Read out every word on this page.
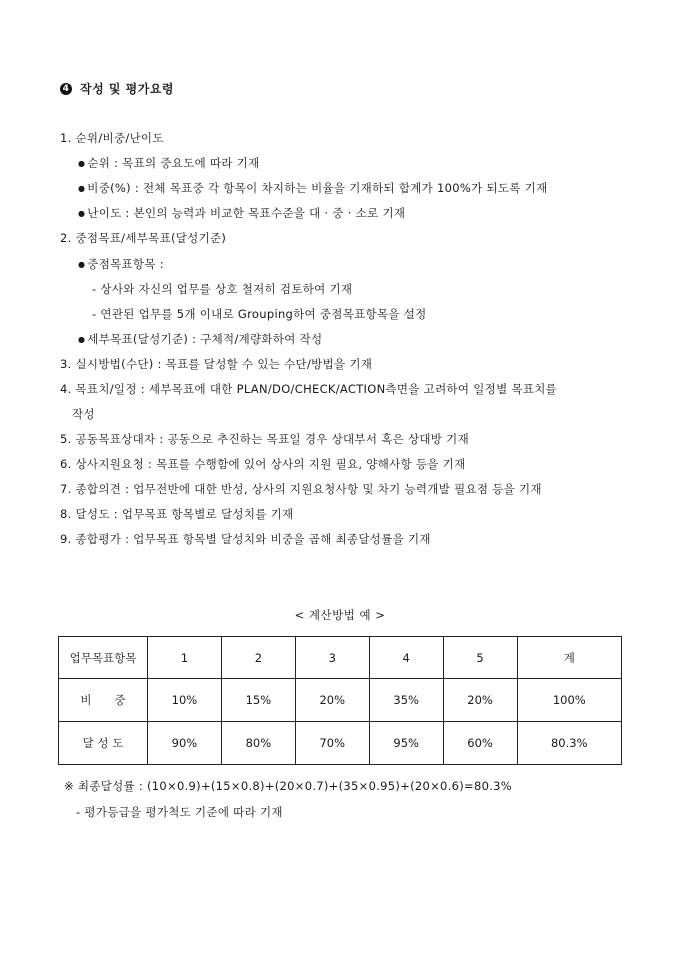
4 작성 및 평가요령
1. 순위/비중/난이도
● 순위 : 목표의 중요도에 따라 기재
● 비중(%) : 전체 목표중 각 항목이 차지하는 비율을 기재하되 합계가 100%가 되도록 기재
● 난이도 : 본인의 능력과 비교한 목표수준을 대 · 중 · 소로 기재
2. 중점목표/세부목표(달성기준)
● 중점목표항목 :
- 상사와 자신의 업무를 상호 철저히 검토하여 기재
- 연관된 업무를 5개 이내로 Grouping하여 중점목표항목을 설정
● 세부목표(달성기준) : 구체적/계량화하여 작성
3. 실시방법(수단) : 목표를 달성할 수 있는 수단/방법을 기재
4. 목표치/일정 : 세부목표에 대한 PLAN/DO/CHECK/ACTION측면을 고려하여 일정별 목표치를
작성
5. 공동목표상대자 : 공동으로 추진하는 목표일 경우 상대부서 혹은 상대방 기재
6. 상사지원요청 : 목표를 수행함에 있어 상사의 지원 필요, 양해사항 등을 기재
7. 종합의견 : 업무전반에 대한 반성, 상사의 지원요청사항 및 차기 능력개발 필요점 등을 기재
8. 달성도 : 업무목표 항목별로 달성치를 기재
9. 종합평가 : 업무목표 항목별 달성치와 비중을 곱해 최종달성률을 기재
< 계산방법 예 >
업무목표항목	1	2	3	4	5	계
비　　중	10%	15%	20%	35%	20%	100%
달 성 도	90%	80%	70%	95%	60%	80.3%
※ 최종달성률 : (10×0.9)+(15×0.8)+(20×0.7)+(35×0.95)+(20×0.6)=80.3%
- 평가등급을 평가척도 기준에 따라 기재
